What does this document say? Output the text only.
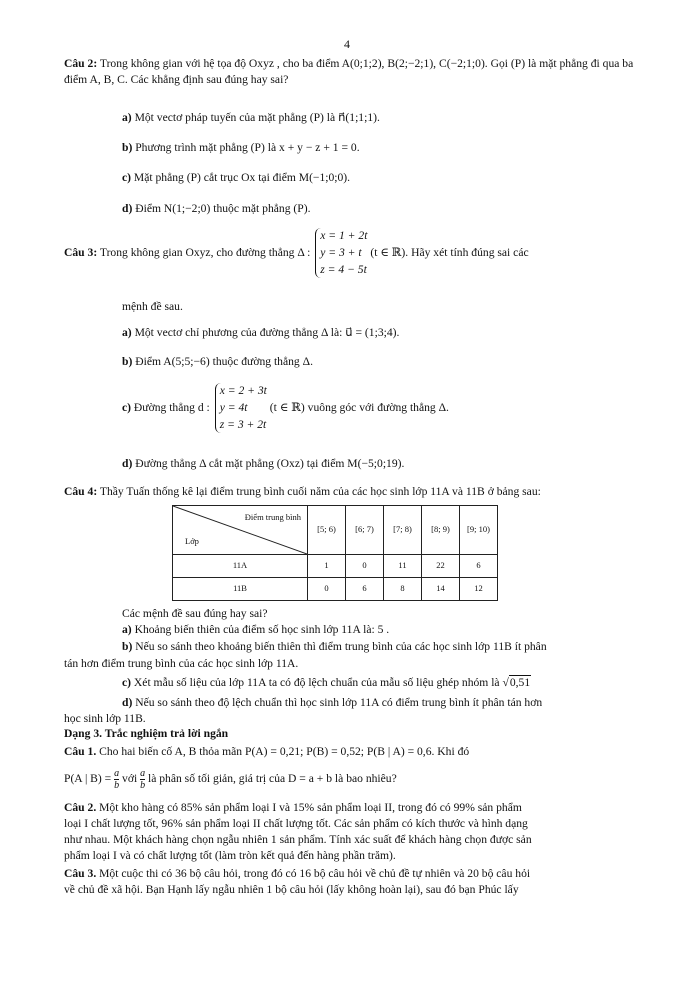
4
Câu 2: Trong không gian với hệ tọa độ Oxyz , cho ba điểm A(0;1;2), B(2;−2;1), C(−2;1;0). Gọi (P) là mặt phẳng đi qua ba điểm A, B, C. Các khẳng định sau đúng hay sai?
a) Một vectơ pháp tuyến của mặt phẳng (P) là n⃗(1;1;1).
b) Phương trình mặt phẳng (P) là x + y − z + 1 = 0.
c) Mặt phẳng (P) cắt trục Ox tại điểm M(−1;0;0).
d) Điểm N(1;−2;0) thuộc mặt phẳng (P).
Câu 3: Trong không gian Oxyz, cho đường thẳng Δ :
x = 1 + 2t
y = 3 + t
z = 4 − 5t
(t ∈ ℝ). Hãy xét tính đúng sai các
mệnh đề sau.
a) Một vectơ chỉ phương của đường thẳng Δ là: u⃗ = (1;3;4).
b) Điểm A(5;5;−6) thuộc đường thẳng Δ.
c) Đường thẳng d :
x = 2 + 3t
y = 4t
z = 3 + 2t
(t ∈ ℝ) vuông góc với đường thẳng Δ.
d) Đường thẳng Δ cắt mặt phẳng (Oxz) tại điểm M(−5;0;19).
Câu 4: Thầy Tuấn thống kê lại điểm trung bình cuối năm của các học sinh lớp 11A và 11B ở bảng sau:
Điểm trung bình
Lớp	[5; 6)	[6; 7)	[7; 8)	[8; 9)	[9; 10)
11A	1	0	11	22	6
11B	0	6	8	14	12
Các mệnh đề sau đúng hay sai?
a) Khoảng biến thiên của điểm số học sinh lớp 11A là: 5 .
b) Nếu so sánh theo khoảng biến thiên thì điểm trung bình của các học sinh lớp 11B ít phân
tán hơn điểm trung bình của các học sinh lớp 11A.
c) Xét mẫu số liệu của lớp 11A ta có độ lệch chuẩn của mẫu số liệu ghép nhóm là √0,51
d) Nếu so sánh theo độ lệch chuẩn thì học sinh lớp 11A có điểm trung bình ít phân tán hơn
học sinh lớp 11B.
Dạng 3. Trắc nghiệm trả lời ngắn
Câu 1. Cho hai biến cố A, B thỏa mãn P(A) = 0,21; P(B) = 0,52; P(B | A) = 0,6. Khi đó
P(A | $B) = \frac{a}{b}$ với $\frac{a}{b}$ là phân số tối giản, giá trị của D = a + b là bao nhiêu?
Câu 2. Một kho hàng có 85% sản phẩm loại I và 15% sản phẩm loại II, trong đó có 99% sản phẩm
loại I chất lượng tốt, 96% sản phẩm loại II chất lượng tốt. Các sản phẩm có kích thước và hình dạng
như nhau. Một khách hàng chọn ngẫu nhiên 1 sản phẩm. Tính xác suất để khách hàng chọn được sản
phẩm loại I và có chất lượng tốt (làm tròn kết quả đến hàng phần trăm).
Câu 3. Một cuộc thi có 36 bộ câu hỏi, trong đó có 16 bộ câu hỏi về chủ đề tự nhiên và 20 bộ câu hỏi
về chủ đề xã hội. Bạn Hạnh lấy ngẫu nhiên 1 bộ câu hỏi (lấy không hoàn lại), sau đó bạn Phúc lấy
